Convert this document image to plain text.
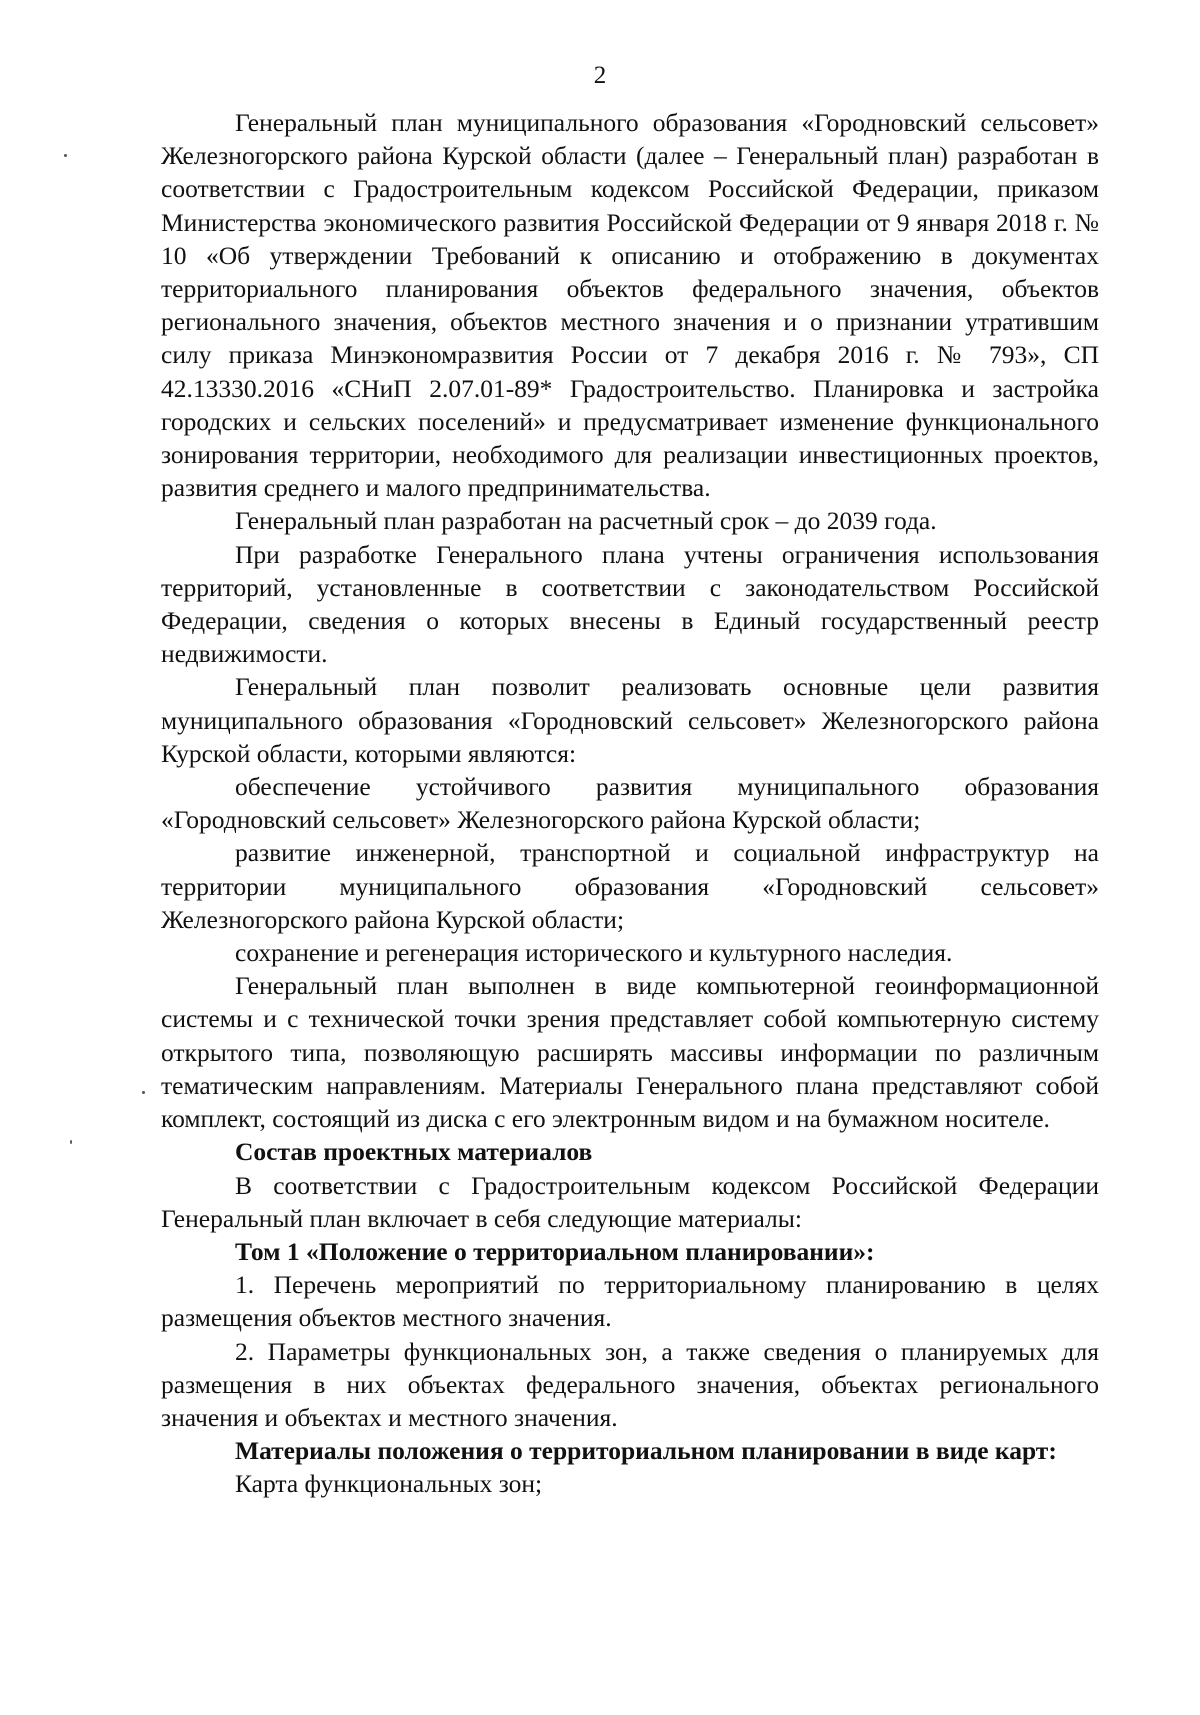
2

Генеральный план муниципального образования «Городновский сельсовет» Железногорского района Курской области (далее – Генеральный план) разработан в соответствии с Градостроительным кодексом Российской Федерации, приказом Министерства экономического развития Российской Федерации от 9 января 2018 г. № 10 «Об утверждении Требований к описанию и отображению в документах территориального планирования объектов федерального значения, объектов регионального значения, объектов местного значения и о признании утратившим силу приказа Минэкономразвития России от 7 декабря 2016 г. № 793», СП 42.13330.2016 «СНиП 2.07.01-89* Градостроительство. Планировка и застройка городских и сельских поселений» и предусматривает изменение функционального зонирования территории, необходимого для реализации инвестиционных проектов, развития среднего и малого предпринимательства.

Генеральный план разработан на расчетный срок – до 2039 года.

При разработке Генерального плана учтены ограничения использования территорий, установленные в соответствии с законодательством Российской Федерации, сведения о которых внесены в Единый государственный реестр недвижимости.

Генеральный план позволит реализовать основные цели развития муниципального образования «Городновский сельсовет» Железногорского района Курской области, которыми являются:

обеспечение устойчивого развития муниципального образования «Городновский сельсовет» Железногорского района Курской области;

развитие инженерной, транспортной и социальной инфраструктур на территории муниципального образования «Городновский сельсовет» Железногорского района Курской области;

сохранение и регенерация исторического и культурного наследия.

Генеральный план выполнен в виде компьютерной геоинформационной системы и с технической точки зрения представляет собой компьютерную систему открытого типа, позволяющую расширять массивы информации по различным тематическим направлениям. Материалы Генерального плана представляют собой комплект, состоящий из диска с его электронным видом и на бумажном носителе.

Состав проектных материалов

В соответствии с Градостроительным кодексом Российской Федерации Генеральный план включает в себя следующие материалы:

Том 1 «Положение о территориальном планировании»:

1. Перечень мероприятий по территориальному планированию в целях размещения объектов местного значения.

2. Параметры функциональных зон, а также сведения о планируемых для размещения в них объектах федерального значения, объектах регионального значения и объектах и местного значения.

Материалы положения о территориальном планировании в виде карт:

Карта функциональных зон;
